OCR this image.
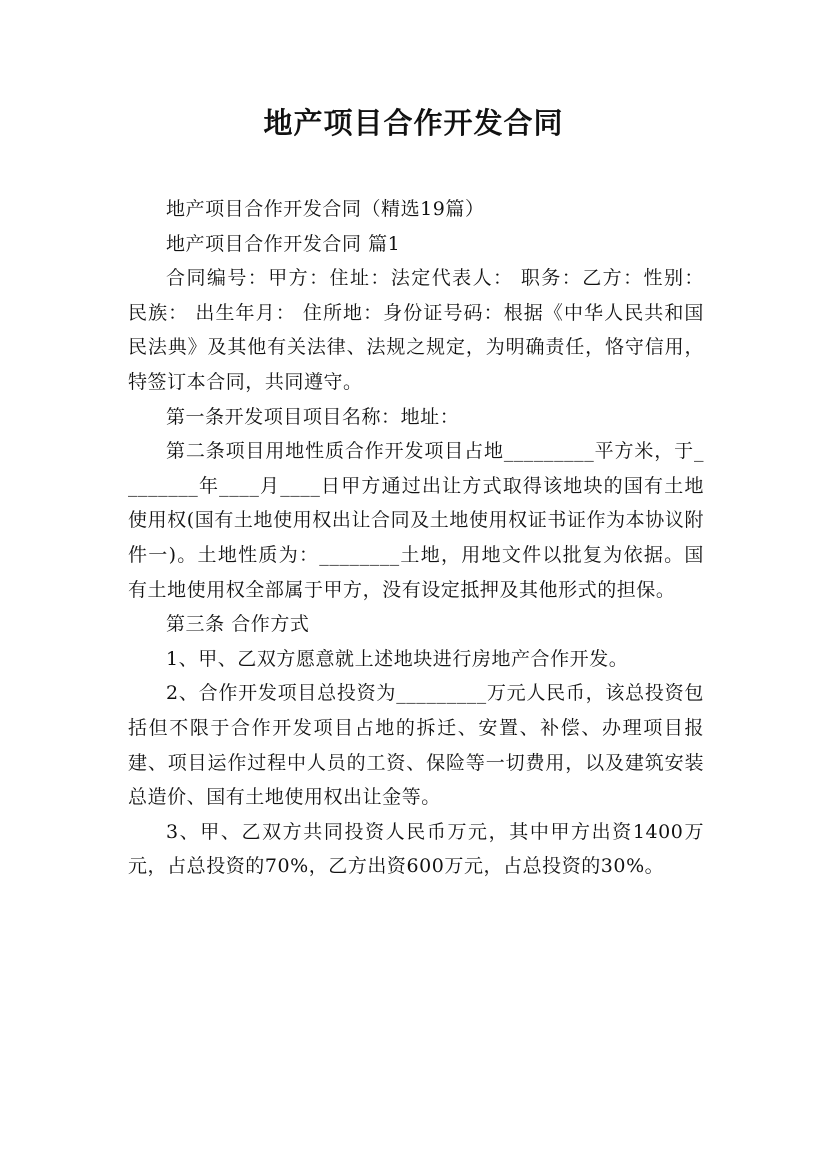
地产项目合作开发合同

地产项目合作开发合同（精选19篇）

地产项目合作开发合同 篇1

合同编号：甲方：住址：法定代表人： 职务：乙方：性别： 民族： 出生年月： 住所地：身份证号码：根据《中华人民共和国民法典》及其他有关法律、法规之规定，为明确责任，恪守信用，特签订本合同，共同遵守。

第一条开发项目项目名称：地址：

第二条项目用地性质合作开发项目占地_________平方米，于________年____月____日甲方通过出让方式取得该地块的国有土地使用权(国有土地使用权出让合同及土地使用权证书证作为本协议附件一)。土地性质为：________土地，用地文件以批复为依据。国有土地使用权全部属于甲方，没有设定抵押及其他形式的担保。

第三条 合作方式

1、甲、乙双方愿意就上述地块进行房地产合作开发。

2、合作开发项目总投资为_________万元人民币，该总投资包括但不限于合作开发项目占地的拆迁、安置、补偿、办理项目报建、项目运作过程中人员的工资、保险等一切费用，以及建筑安装总造价、国有土地使用权出让金等。

3、甲、乙双方共同投资人民币万元，其中甲方出资1400万元，占总投资的70%，乙方出资600万元，占总投资的30%。
